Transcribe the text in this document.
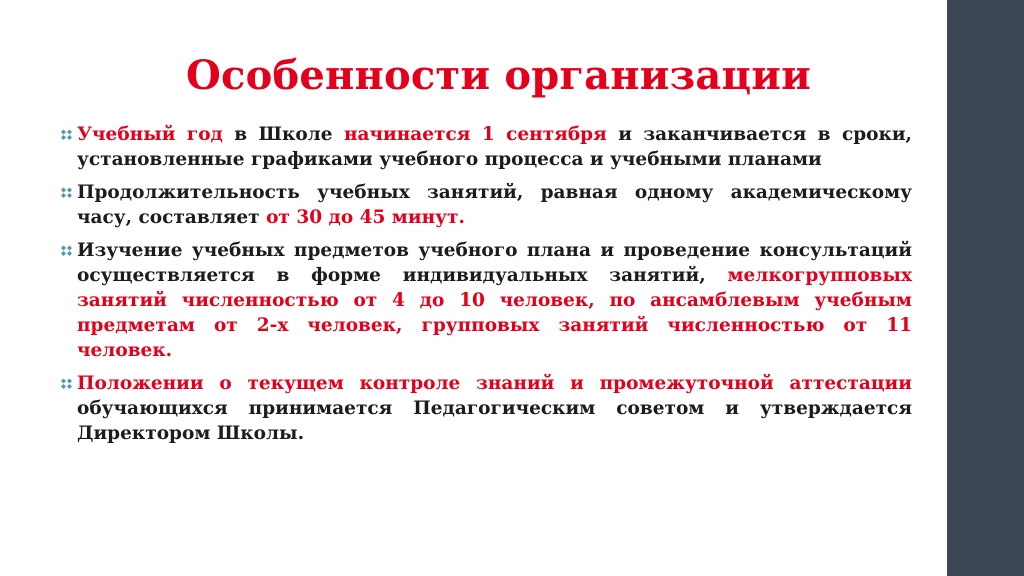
Особенности организации

Учебный год в Школе начинается 1 сентября и заканчивается в сроки, установленные графиками учебного процесса и учебными планами

Продолжительность учебных занятий, равная одному академическому часу, составляет от 30 до 45 минут.

Изучение учебных предметов учебного плана и проведение консультаций осуществляется в форме индивидуальных занятий, мелкогрупповых занятий численностью от 4 до 10 человек, по ансамблевым учебным предметам от 2-х человек, групповых занятий численностью от 11 человек.

Положении о текущем контроле знаний и промежуточной аттестации обучающихся принимается Педагогическим советом и утверждается Директором Школы.
